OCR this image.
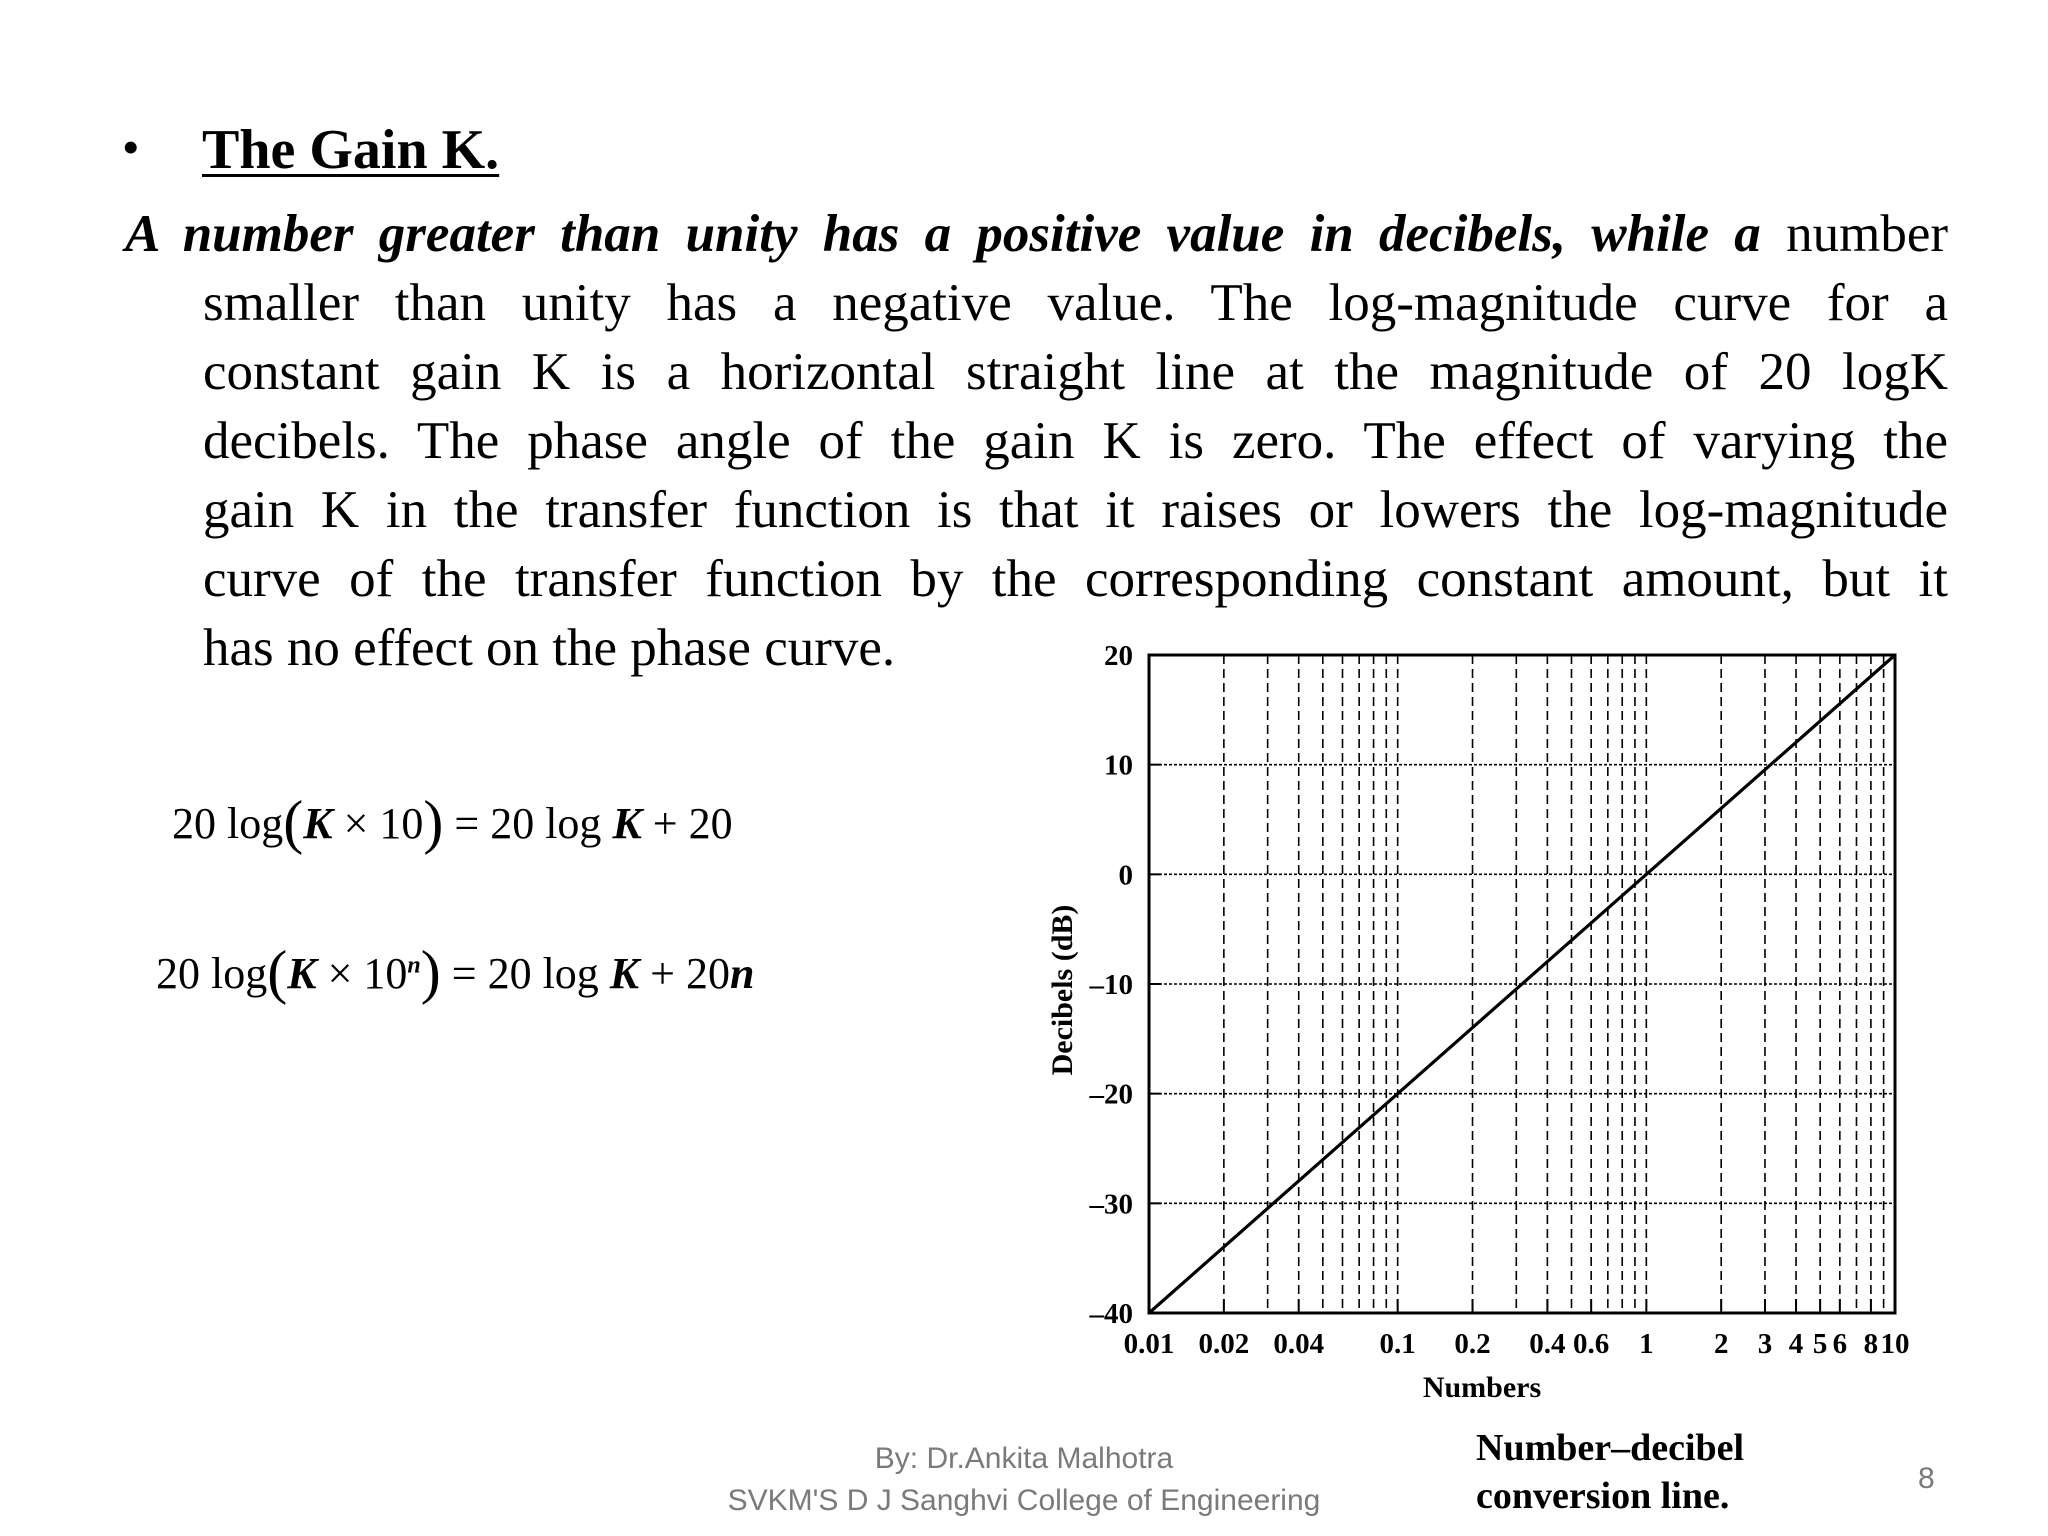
• The Gain K.
A number greater than unity has a positive value in decibels, while a number
smaller than unity has a negative value. The log-magnitude curve for a
constant gain K is a horizontal straight line at the magnitude of 20 logK
decibels. The phase angle of the gain K is zero. The effect of varying the
gain K in the transfer function is that it raises or lowers the log-magnitude
curve of the transfer function by the corresponding constant amount, but it
has no effect on the phase curve.
20 log(K × 10) = 20 log K + 20
20 $\log(K \times 10^n) = 20$ log K + 20n
0.01 0.02 0.04 0.1 0.2 0.4 0.6 1 2 3 4 5 6 8 10
20
10
0
–10
–20
–30
–40
Numbers
Decibels (dB)
Number–decibel
conversion line.
By: Dr.Ankita Malhotra
SVKM'S D J Sanghvi College of Engineering
8
